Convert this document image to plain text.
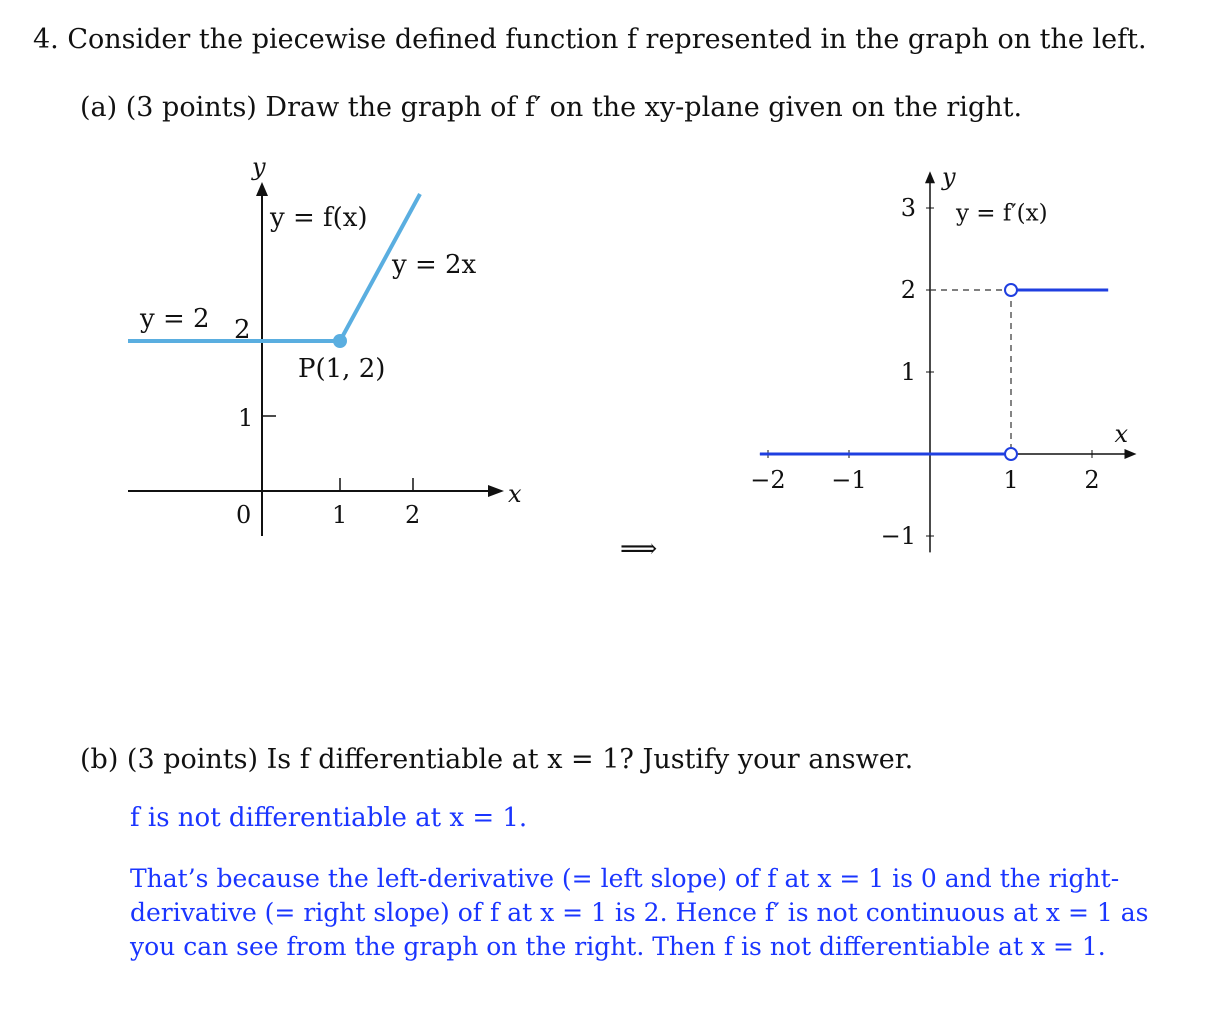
4. Consider the piecewise defined function f represented in the graph on the left.
(a) (3 points) Draw the graph of f′ on the xy-plane given on the right.
y
x
y = f(x)
y = 2x
y = 2 2
1
P(1, 2)
0	1 2
−2 −1	1	2
−1
1
2
3
y
x
y = f′(x)
⟹
(b) (3 points) Is f differentiable at x = 1? Justify your answer.
f is not differentiable at x = 1.
That’s because the left-derivative (= left slope) of f at x = 1 is 0 and the right-derivative (= right slope) of f at x = 1 is 2. Hence f′ is not continuous at x = 1 as you can see from the graph on the right. Then f is not differentiable at x = 1.
